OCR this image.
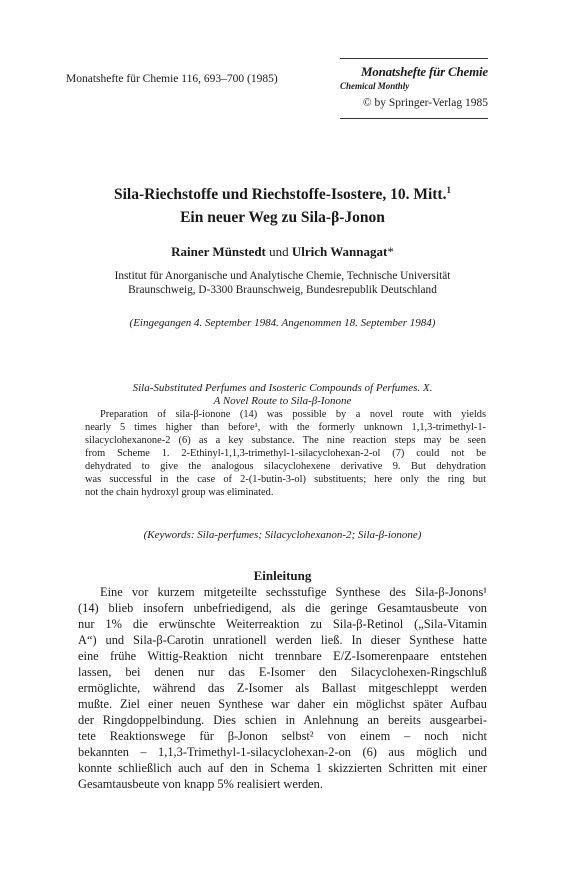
Monatshefte für Chemie 116, 693–700 (1985)	Monatshefte für Chemie
Chemical Monthly
© by Springer-Verlag 1985
Sila-Riechstoffe und Riechstoffe-Isostere, 10. Mitt.$^1$
Ein neuer Weg zu Sila-β-Jonon
Rainer Münstedt und Ulrich Wannagat*
Institut für Anorganische und Analytische Chemie, Technische Universität
Braunschweig, D-3300 Braunschweig, Bundesrepublik Deutschland
(Eingegangen 4. September 1984. Angenommen 18. September 1984)
Sila-Substituted Perfumes and Isosteric Compounds of Perfumes. X.
A Novel Route to Sila-β-Ionone
Preparation of sila-β-ionone (14) was possible by a novel route with yields
nearly 5 times higher than before¹, with the formerly unknown 1,1,3-trimethyl-1-
silacyclohexanone-2 (6) as a key substance. The nine reaction steps may be seen
from Scheme 1. 2-Ethinyl-1,1,3-trimethyl-1-silacyclohexan-2-ol (7) could not be
dehydrated to give the analogous silacyclohexene derivative 9. But dehydration
was successful in the case of 2-(1-butin-3-ol) substituents; here only the ring but
not the chain hydroxyl group was eliminated.
(Keywords: Sila-perfumes; Silacyclohexanon-2; Sila-β-ionone)
Einleitung
Eine vor kurzem mitgeteilte sechsstufige Synthese des Sila-β-Jonons¹
(14) blieb insofern unbefriedigend, als die geringe Gesamtausbeute von
nur 1% die erwünschte Weiterreaktion zu Sila-β-Retinol („Sila-Vitamin
A“) und Sila-β-Carotin unrationell werden ließ. In dieser Synthese hatte
eine frühe Wittig-Reaktion nicht trennbare E/Z-Isomerenpaare entstehen
lassen, bei denen nur das E-Isomer den Silacyclohexen-Ringschluß
ermöglichte, während das Z-Isomer als Ballast mitgeschleppt werden
mußte. Ziel einer neuen Synthese war daher ein möglichst später Aufbau
der Ringdoppelbindung. Dies schien in Anlehnung an bereits ausgearbei-
tete Reaktionswege für β-Jonon selbst² von einem – noch nicht
bekannten – 1,1,3-Trimethyl-1-silacyclohexan-2-on (6) aus möglich und
konnte schließlich auch auf den in Schema 1 skizzierten Schritten mit einer
Gesamtausbeute von knapp 5% realisiert werden.
